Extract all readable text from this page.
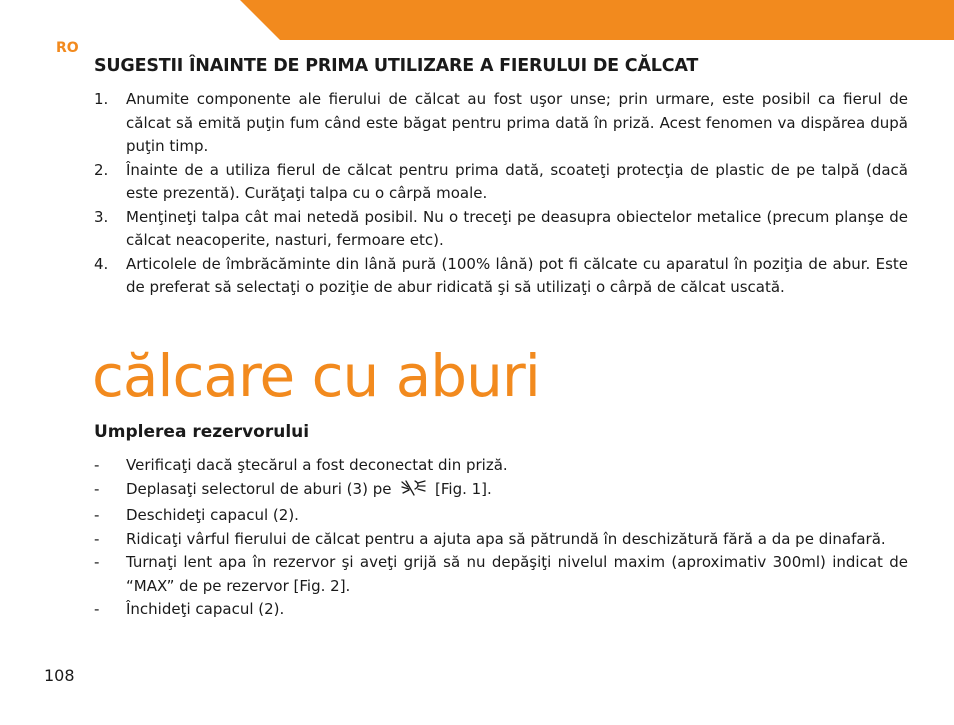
RO
SUGESTII ÎNAINTE DE PRIMA UTILIZARE A FIERULUI DE CĂLCAT
1. Anumite componente ale fierului de călcat au fost uşor unse; prin urmare, este posibil ca fierul de călcat să emită puţin fum când este băgat pentru prima dată în priză. Acest fenomen va dispărea după puţin timp.
2. Înainte de a utiliza fierul de călcat pentru prima dată, scoateţi protecţia de plastic de pe talpă (dacă este prezentă). Curăţaţi talpa cu o cârpă moale.
3. Menţineţi talpa cât mai netedă posibil. Nu o treceţi pe deasupra obiectelor metalice (precum planşe de călcat neacoperite, nasturi, fermoare etc).
4. Articolele de îmbrăcăminte din lână pură (100% lână) pot fi călcate cu aparatul în poziţia de abur. Este de preferat să selectaţi o poziţie de abur ridicată şi să utilizaţi o cârpă de călcat uscată.
călcare cu aburi
Umplerea rezervorului
- Verificaţi dacă ştecărul a fost deconectat din priză.
- Deplasaţi selectorul de aburi (3) pe	[Fig. 1].
- Deschideţi capacul (2).
- Ridicaţi vârful fierului de călcat pentru a ajuta apa să pătrundă în deschizătură fără a da pe dinafară.
- Turnaţi lent apa în rezervor şi aveţi grijă să nu depăşiţi nivelul maxim (aproximativ 300ml) indicat de “MAX” de pe rezervor [Fig. 2].
- Închideţi capacul (2).
108
